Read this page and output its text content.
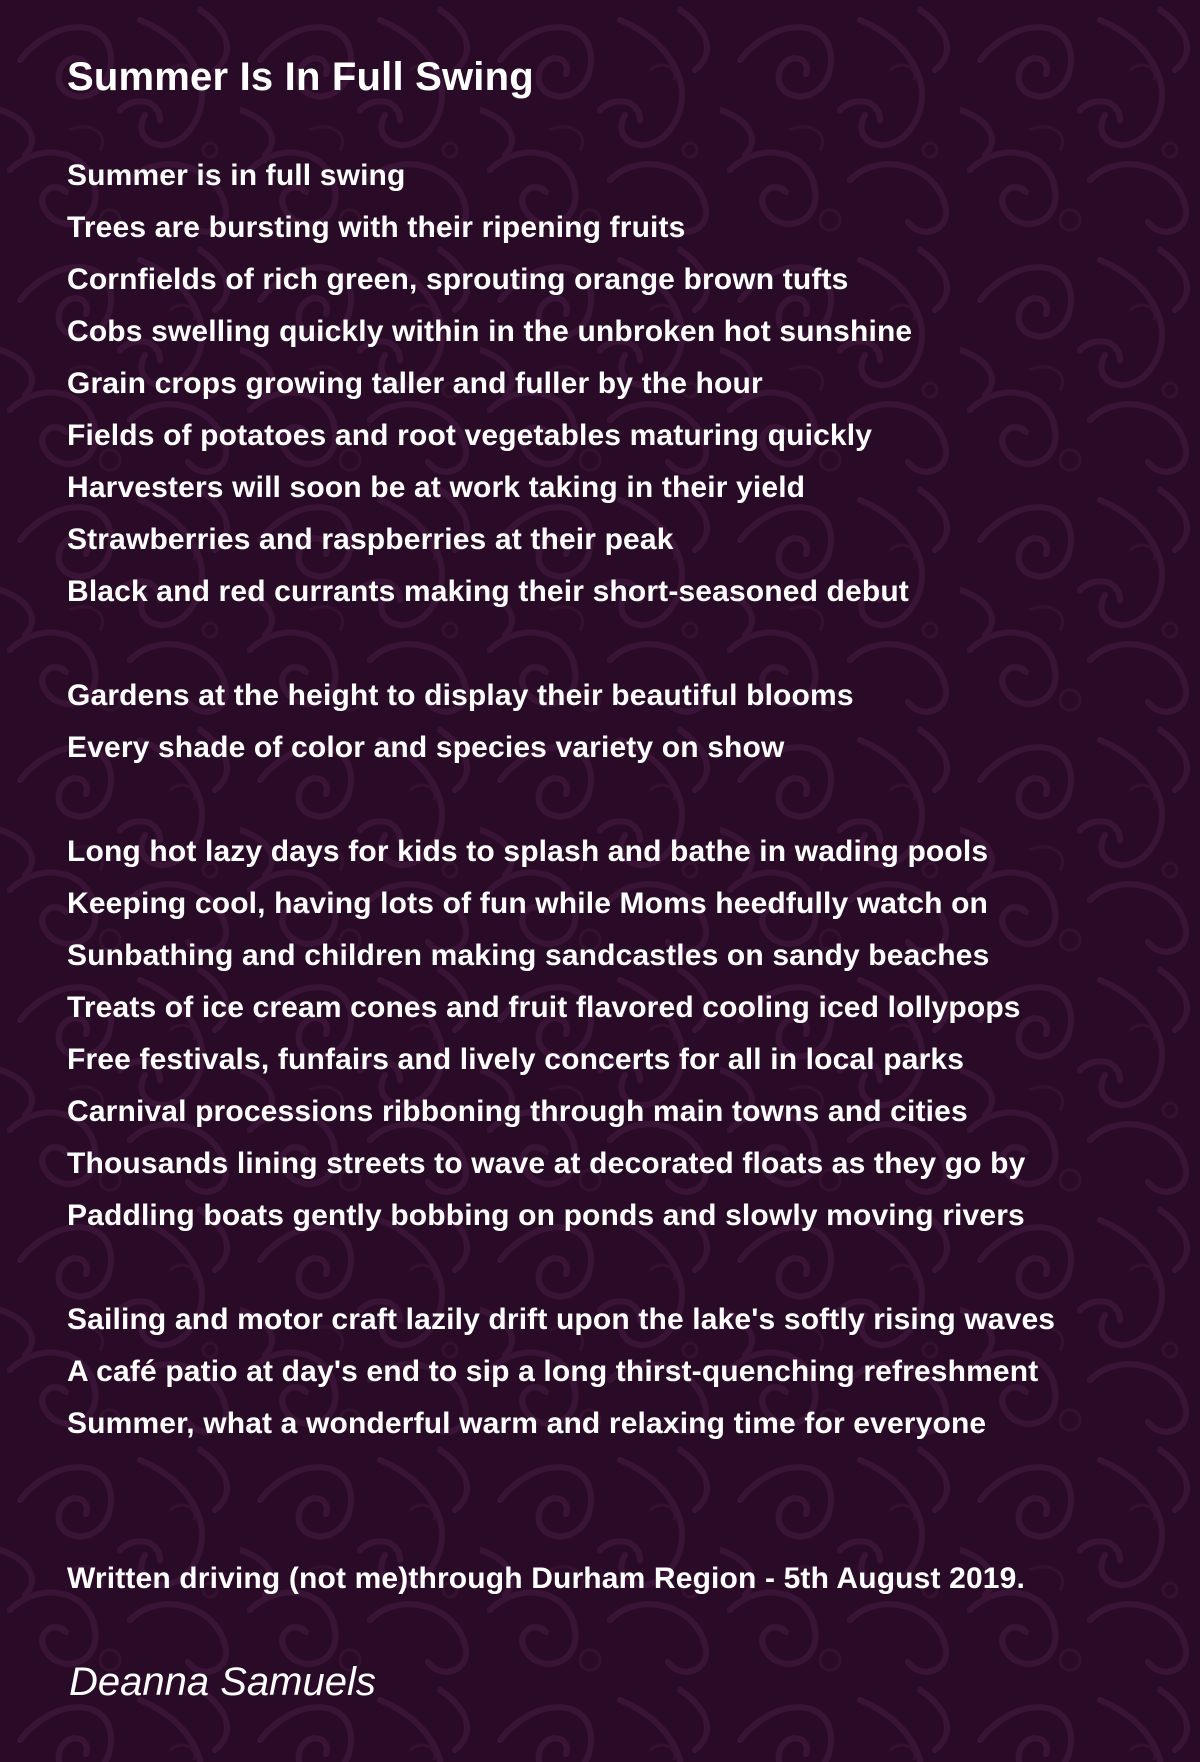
Summer Is In Full Swing
Summer is in full swing
Trees are bursting with their ripening fruits
Cornfields of rich green, sprouting orange brown tufts
Cobs swelling quickly within in the unbroken hot sunshine
Grain crops growing taller and fuller by the hour
Fields of potatoes and root vegetables maturing quickly
Harvesters will soon be at work taking in their yield
Strawberries and raspberries at their peak
Black and red currants making their short-seasoned debut
Gardens at the height to display their beautiful blooms
Every shade of color and species variety on show
Long hot lazy days for kids to splash and bathe in wading pools
Keeping cool, having lots of fun while Moms heedfully watch on
Sunbathing and children making sandcastles on sandy beaches
Treats of ice cream cones and fruit flavored cooling iced lollypops
Free festivals, funfairs and lively concerts for all in local parks
Carnival processions ribboning through main towns and cities
Thousands lining streets to wave at decorated floats as they go by
Paddling boats gently bobbing on ponds and slowly moving rivers
Sailing and motor craft lazily drift upon the lake's softly rising waves
A café patio at day's end to sip a long thirst-quenching refreshment
Summer, what a wonderful warm and relaxing time for everyone
Written driving (not me)through Durham Region - 5th August 2019.
Deanna Samuels
